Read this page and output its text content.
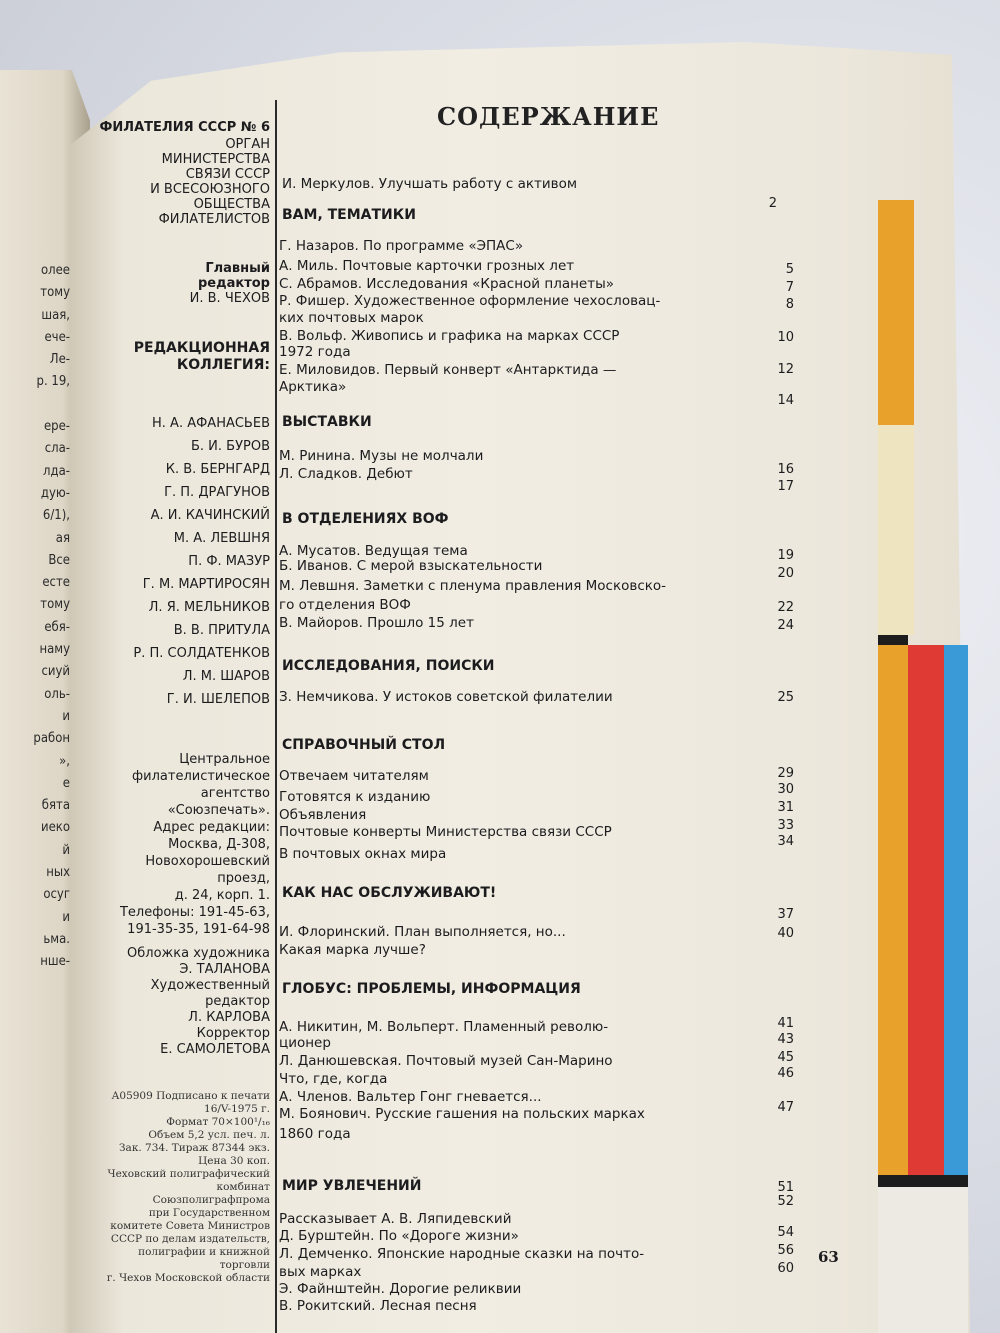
олее
тому
шая,
ече-
Ле-
р. 19,

ере-
сла-
лда-
дую-
6/1),
ая
Все
есте
тому
ебя-
наму
сиуй
оль-
и
рабон
»,
е
бята
иеко
й
ных
осуг
и
ьма.
нше-
ФИЛАТЕЛИЯ СССР № 6
ОРГАН
МИНИСТЕРСТВА
СВЯЗИ СССР
И ВСЕСОЮЗНОГО
ОБЩЕСТВА
ФИЛАТЕЛИСТОВ
Главный
редактор
И. В. ЧЕХОВ
РЕДАКЦИОННАЯ
КОЛЛЕГИЯ:
Н. А. АФАНАСЬЕВ
Б. И. БУРОВ
К. В. БЕРНГАРД
Г. П. ДРАГУНОВ
А. И. КАЧИНСКИЙ
М. А. ЛЕВШНЯ
П. Ф. МАЗУР
Г. М. МАРТИРОСЯН
Л. Я. МЕЛЬНИКОВ
В. В. ПРИТУЛА
Р. П. СОЛДАТЕНКОВ
Л. М. ШАРОВ
Г. И. ШЕЛЕПОВ
Центральное
филателистическое
агентство «Союзпечать».
Адрес редакции:
Москва, Д-308,
Новохорошевский проезд,
д. 24, корп. 1.
Телефоны: 191-45-63,
191-35-35, 191-64-98
Обложка художника
Э. ТАЛАНОВА
Художественный
редактор
Л. КАРЛОВА
Корректор
Е. САМОЛЕТОВА
А05909 Подписано к печати
16/V-1975 г.
Формат 70×100¹/₁₆
Объем 5,2 усл. печ. л.
Зак. 734. Тираж 87344 экз.
Цена 30 коп.
Чеховский полиграфический
комбинат
Союзполиграфпрома
при Государственном
комитете Совета Министров
СССР по делам издательств,
полиграфии и книжной
торговли
г. Чехов Московской области
СОДЕРЖАНИЕ
И. Меркулов. Улучшать работу с активом
2
ВАМ, ТЕМАТИКИ
Г. Назаров. По программе «ЭПАС»
А. Миль. Почтовые карточки грозных лет
С. Абрамов. Исследования «Красной планеты»
Р. Фишер. Художественное оформление чехословац-
ких почтовых марок
В. Вольф. Живопись и графика на марках СССР
1972 года
Е. Миловидов. Первый конверт «Антарктида —
Арктика»
5
7
8
10
12
14
ВЫСТАВКИ
М. Ринина. Музы не молчали
Л. Сладков. Дебют	16
17
В ОТДЕЛЕНИЯХ ВОФ
А. Мусатов. Ведущая тема
Б. Иванов. С мерой взыскательности
М. Левшня. Заметки с пленума правления Московско-
го отделения ВОФ
В. Майоров. Прошло 15 лет
19
20
22
24
ИССЛЕДОВАНИЯ, ПОИСКИ
З. Немчикова. У истоков советской филателии	25
СПРАВОЧНЫЙ СТОЛ
Отвечаем читателям
Готовятся к изданию
Объявления
Почтовые конверты Министерства связи СССР
В почтовых окнах мира
29
30
31
33
34
КАК НАС ОБСЛУЖИВАЮТ!
И. Флоринский. План выполняется, но...
Какая марка лучше?
37
40
ГЛОБУС: ПРОБЛЕМЫ, ИНФОРМАЦИЯ
А. Никитин, М. Вольперт. Пламенный револю-
ционер
Л. Данюшевская. Почтовый музей Сан-Марино
Что, где, когда
А. Членов. Вальтер Гонг гневается...
М. Боянович. Русские гашения на польских марках
1860 года
41
43
45
46
47
МИР УВЛЕЧЕНИЙ
Рассказывает А. В. Ляпидевский
Д. Бурштейн. По «Дороге жизни»
Л. Демченко. Японские народные сказки на почто-
вых марках
Э. Файнштейн. Дорогие реликвии
В. Рокитский. Лесная песня
51
52
54
56
60
63
